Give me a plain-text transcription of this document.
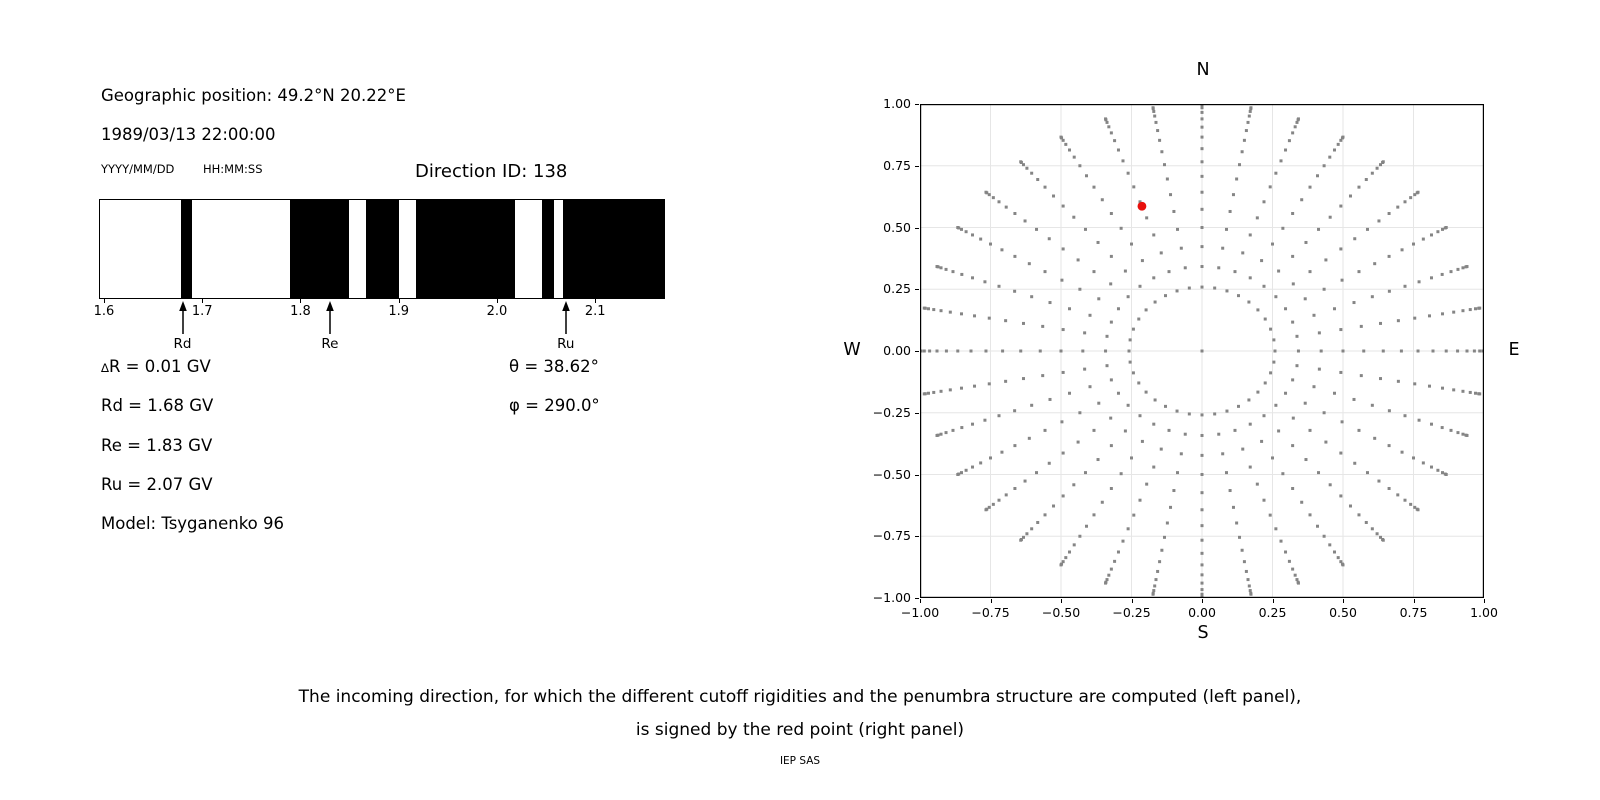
Geographic position: 49.2°N 20.22°E
1989/03/13 22:00:00
YYYY/MM/DD HH:MM:SS	Direction ID: 138
θ = 38.62°
φ = 290.0°
N
S
W	E
The incoming direction, for which the different cutoff rigidities and the penumbra structure are computed (left panel),
is signed by the red point (right panel)
IEP SAS
1.6	1.7	1.8	1.9	2.0	2.1
Rd	Re	Ru
∆R = 0.01 GV
Rd = 1.68 GV
Re = 1.83 GV
Ru = 2.07 GV
Model: Tsyganenko 96
−1.00	−0.75	−0.50	−0.25	0.00	0.25	0.50	0.75	1.00
−1.00
−0.75
−0.50
−0.25
0.00
0.25
0.50
0.75
1.00
